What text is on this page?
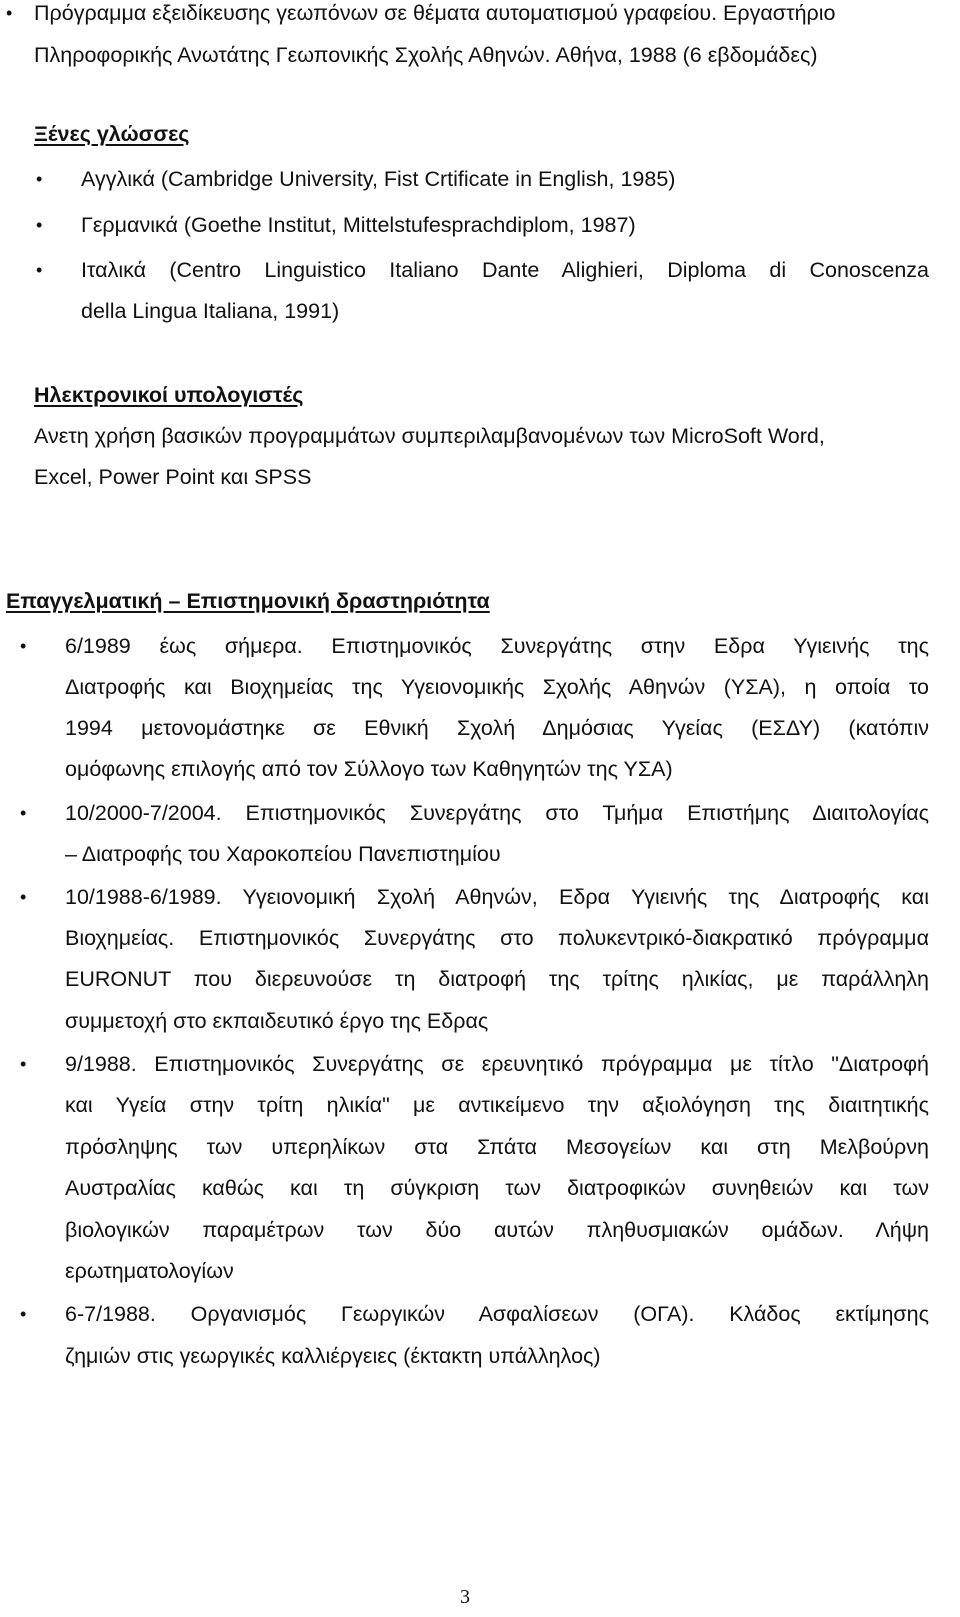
• Πρόγραμμα εξειδίκευσης γεωπόνων σε θέματα αυτοματισμού γραφείου. Εργαστήριο
Πληροφορικής Ανωτάτης Γεωπονικής Σχολής Αθηνών. Αθήνα, 1988 (6 εβδομάδες)
Ξένες γλώσσες
• Αγγλικά (Cambridge University, Fist Crtificate in English, 1985)
• Γερμανικά (Goethe Institut, Mittelstufesprachdiplom, 1987)
• Ιταλικά (Centro Linguistico Italiano Dante Alighieri, Diploma di Conoscenza
della Lingua Italiana, 1991)
Ηλεκτρονικοί υπολογιστές
Ανετη χρήση βασικών προγραμμάτων συμπεριλαμβανομένων των MicroSoft Word,
Excel, Power Point και SPSS
Επαγγελματική – Επιστημονική δραστηριότητα
• 6/1989 έως σήμερα. Επιστημονικός Συνεργάτης στην Εδρα Υγιεινής της
Διατροφής και Βιοχημείας της Υγειονομικής Σχολής Αθηνών (ΥΣΑ), η οποία το
1994 μετονομάστηκε σε Εθνική Σχολή Δημόσιας Υγείας (ΕΣΔΥ) (κατόπιν
ομόφωνης επιλογής από τον Σύλλογο των Καθηγητών της ΥΣΑ)
• 10/2000-7/2004. Επιστημονικός Συνεργάτης στο Τμήμα Επιστήμης Διαιτολογίας
– Διατροφής του Χαροκοπείου Πανεπιστημίου
• 10/1988-6/1989. Υγειονομική Σχολή Αθηνών, Εδρα Υγιεινής της Διατροφής και
Βιοχημείας. Επιστημονικός Συνεργάτης στο πολυκεντρικό-διακρατικό πρόγραμμα
EURONUT που διερευνούσε τη διατροφή της τρίτης ηλικίας, με παράλληλη
συμμετοχή στο εκπαιδευτικό έργο της Εδρας
• 9/1988. Επιστημονικός Συνεργάτης σε ερευνητικό πρόγραμμα με τίτλο "Διατροφή
και Υγεία στην τρίτη ηλικία" με αντικείμενο την αξιολόγηση της διαιτητικής
πρόσληψης των υπερηλίκων στα Σπάτα Μεσογείων και στη Μελβούρνη
Αυστραλίας καθώς και τη σύγκριση των διατροφικών συνηθειών και των
βιολογικών παραμέτρων των δύο αυτών πληθυσμιακών ομάδων. Λήψη
ερωτηματολογίων
• 6-7/1988. Οργανισμός Γεωργικών Ασφαλίσεων (ΟΓΑ). Κλάδος εκτίμησης
ζημιών στις γεωργικές καλλιέργειες (έκτακτη υπάλληλος)
3
